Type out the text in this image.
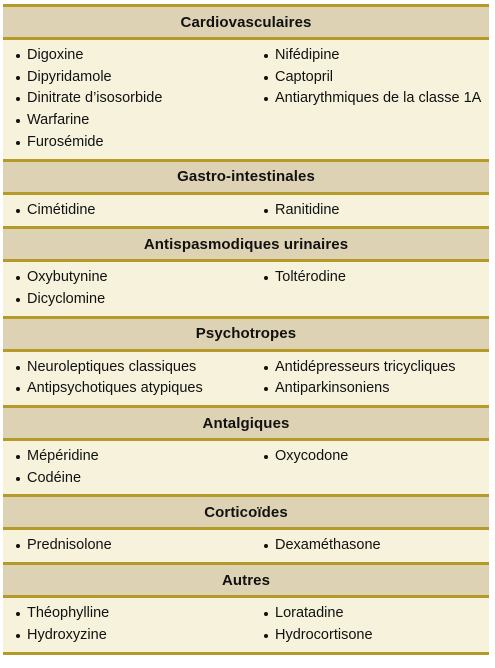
Cardiovasculaires
Digoxine
Dipyridamole
Dinitrate d’isosorbide
Warfarine
Furosémide
Nifédipine
Captopril
Antiarythmiques de la classe 1A
Gastro-intestinales
Cimétidine	Ranitidine
Antispasmodiques urinaires
Oxybutynine
Dicyclomine
Toltérodine
Psychotropes
Neuroleptiques classiques
Antipsychotiques atypiques
Antidépresseurs tricycliques
Antiparkinsoniens
Antalgiques
Mépéridine
Codéine
Oxycodone
Corticoïdes
Prednisolone	Dexaméthasone
Autres
Théophylline
Hydroxyzine
Loratadine
Hydrocortisone
